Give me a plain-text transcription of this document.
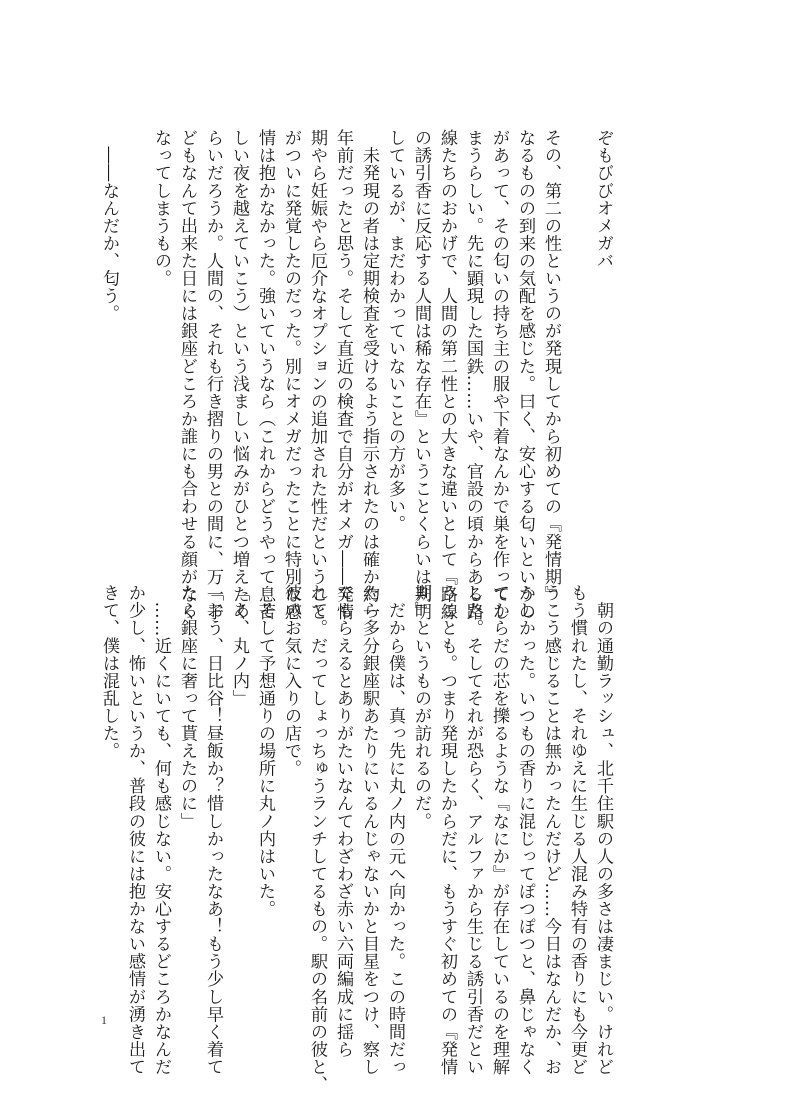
ぞもびびオメガバ
その、第二の性というのが発現してから初めての『発情期』
なるものの到来の気配を感じた。曰く、安心する匂いというの
があって、その匂いの持ち主の服や下着なんかで巣を作ってし
まうらしい。先に顕現した国鉄……いや、官設の頃からある路
線たちのおかげで、人間の第二性との大きな違いとして『路線
の誘引香に反応する人間は稀な存在』ということくらいは判明
しているが、まだわかっていないことの方が多い。
　未発現の者は定期検査を受けるよう指示されたのは確か約一
年前だったと思う。そして直近の検査で自分がオメガ――発情
期やら妊娠やら厄介なオプションの追加された性だということ
がついに発覚したのだった。別にオメガだったことに特別な感
情は抱かなかった。強いていうなら（これからどうやって息苦
しい夜を越えていこう）という浅ましい悩みがひとつ増えたく
らいだろうか。人間の、それも行き摺りの男との間に、万一子
どもなんて出来た日には銀座どころか誰にも合わせる顔がなく
なってしまうもの。
　――なんだか、匂う。
　朝の通勤ラッシュ、北千住駅の人の多さは凄まじい。けれど
もう慣れたし、それゆえに生じる人混み特有の香りにも今更ど
うこう感じることは無かったんだけど……今日はなんだか、お
かしかった。いつもの香りに混じってぽつぽつと、鼻じゃなく
てからだの芯を擽るような『なにか』が存在しているのを理解
した。そしてそれが恐らく、アルファから生じる誘引香だとい
うことも。つまり発現したからだに、もうすぐ初めての『発情
期』というものが訪れるのだ。
　だから僕は、真っ先に丸ノ内の元へ向かった。この時間だっ
たら多分銀座駅あたりにいるんじゃないかと目星をつけ、察し
てもらえるとありがたいなんてわざわざ赤い六両編成に揺ら
れて。だってしょっちゅうランチしてるもの。駅の名前の彼と、
彼のお気に入りの店で。
　そして予想通りの場所に丸ノ内はいた。
「あ、丸ノ内」
「おう、日比谷！昼飯か？惜しかったなあ！もう少し早く着て
たら銀座に奢って貰えたのに」
　……近くにいても、何も感じない。安心するどころかなんだ
か少し、怖いというか、普段の彼には抱かない感情が湧き出て
きて、僕は混乱した。
1
